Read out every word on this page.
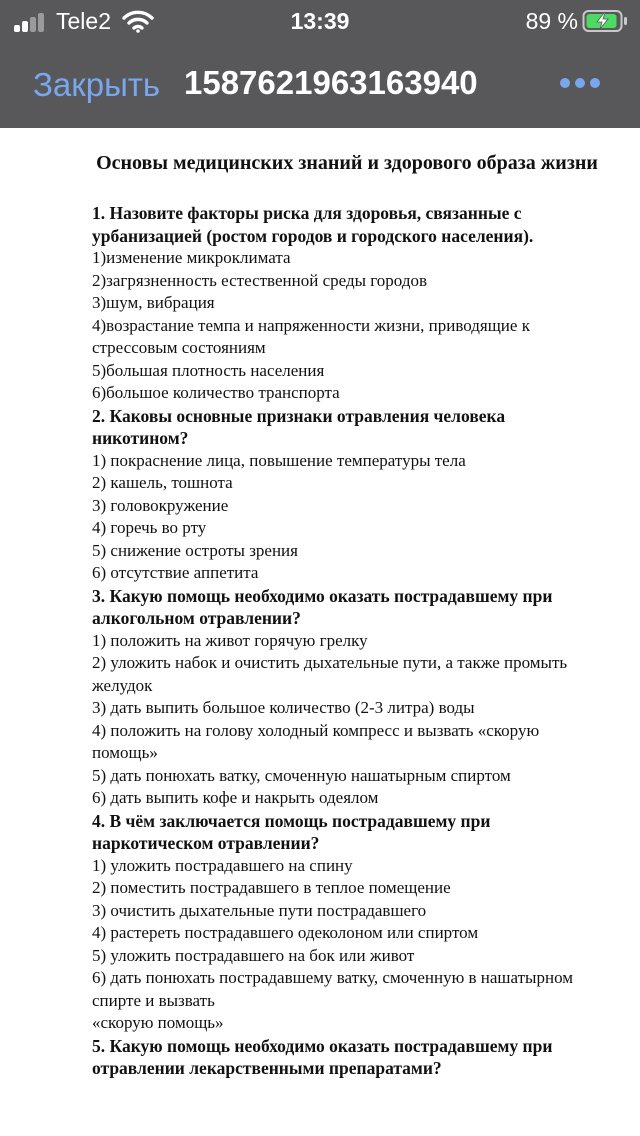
Tele2	13:39	89 %
Закрыть 1587621963163940

Основы медицинских знаний и здорового образа жизни

1. Назовите факторы риска для здоровья, связанные с урбанизацией (ростом городов и городского населения).

1)изменение микроклимата

2)загрязненность естественной среды городов

3)шум, вибрация

4)возрастание темпа и напряженности жизни, приводящие к стрессовым состояниям

5)большая плотность населения

6)большое количество транспорта

2. Каковы основные признаки отравления человека никотином?

1) покраснение лица, повышение температуры тела

2) кашель, тошнота

3) головокружение

4) горечь во рту

5) снижение остроты зрения

6) отсутствие аппетита

3. Какую помощь необходимо оказать пострадавшему при алкогольном отравлении?

1) положить на живот горячую грелку

2) уложить набок и очистить дыхательные пути, а также промыть желудок

3) дать выпить большое количество (2-3 литра) воды

4) положить на голову холодный компресс и вызвать «скорую помощь»

5) дать понюхать ватку, смоченную нашатырным спиртом

6) дать выпить кофе и накрыть одеялом

4. В чём заключается помощь пострадавшему при наркотическом отравлении?

1) уложить пострадавшего на спину

2) поместить пострадавшего в теплое помещение

3) очистить дыхательные пути пострадавшего

4) растереть пострадавшего одеколоном или спиртом

5) уложить пострадавшего на бок или живот

6) дать понюхать пострадавшему ватку, смоченную в нашатырном спирте и вызвать

«скорую помощь»

5. Какую помощь необходимо оказать пострадавшему при отравлении лекарственными препаратами?
